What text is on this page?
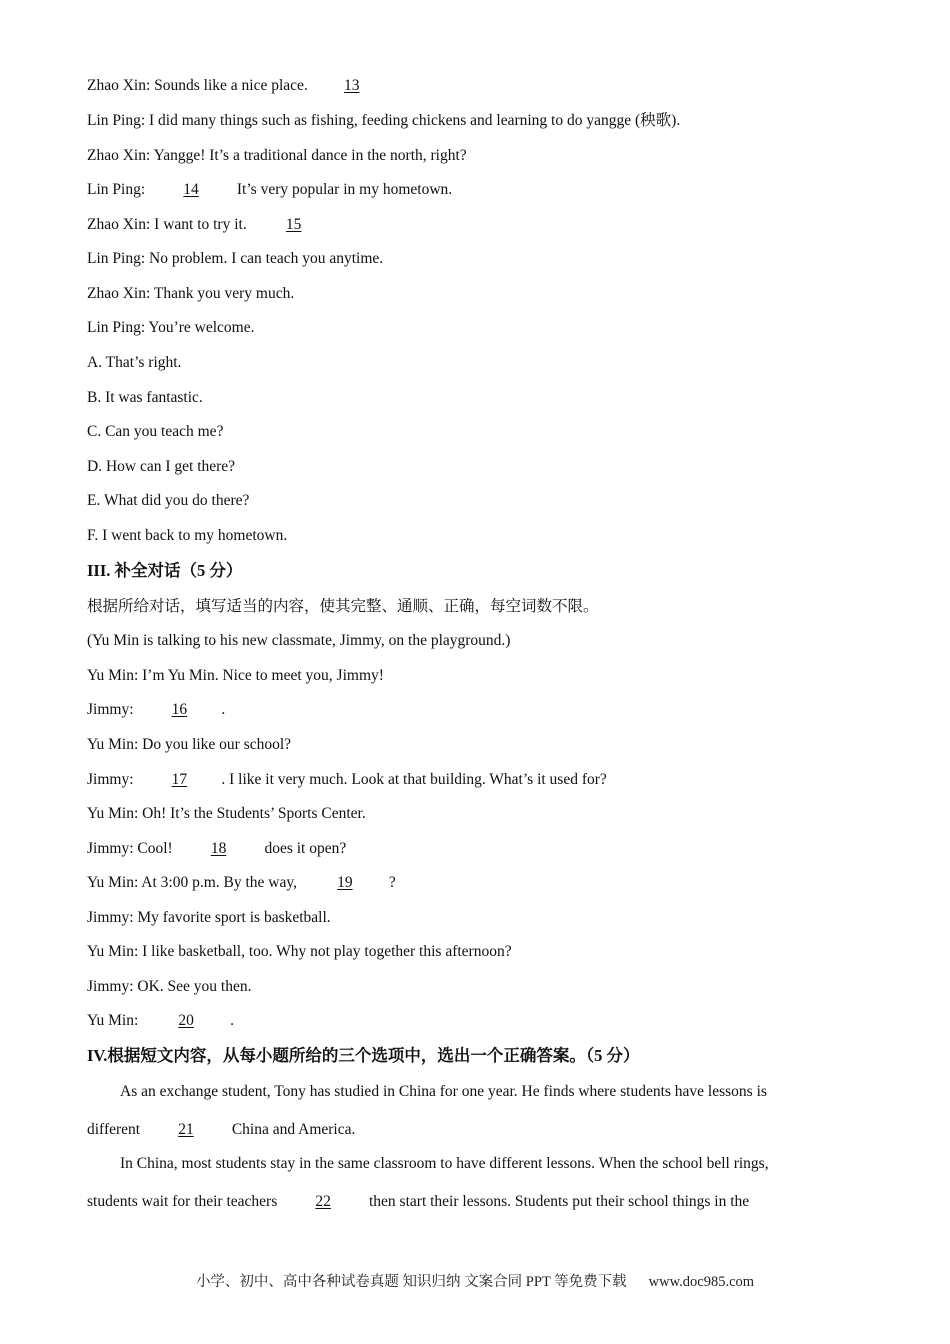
Zhao Xin: Sounds like a nice place. 13
Lin Ping: I did many things such as fishing, feeding chickens and learning to do yangge (秧歌).
Zhao Xin: Yangge! It’s a traditional dance in the north, right?
Lin Ping: 14 It’s very popular in my hometown.
Zhao Xin: I want to try it. 15
Lin Ping: No problem. I can teach you anytime.
Zhao Xin: Thank you very much.
Lin Ping: You’re welcome.
A. That’s right.
B. It was fantastic.
C. Can you teach me?
D. How can I get there?
E. What did you do there?
F. I went back to my hometown.
III. 补全对话（5 分）
根据所给对话，填写适当的内容，使其完整、通顺、正确，每空词数不限。
(Yu Min is talking to his new classmate, Jimmy, on the playground.)
Yu Min: I’m Yu Min. Nice to meet you, Jimmy!
Jimmy: 16 .
Yu Min: Do you like our school?
Jimmy: 17 . I like it very much. Look at that building. What’s it used for?
Yu Min: Oh! It’s the Students’ Sports Center.
Jimmy: Cool! 18 does it open?
Yu Min: At 3:00 p.m. By the way, 19 ?
Jimmy: My favorite sport is basketball.
Yu Min: I like basketball, too. Why not play together this afternoon?
Jimmy: OK. See you then.
Yu Min: 20 .
IV.根据短文内容，从每小题所给的三个选项中，选出一个正确答案。（5 分）
As an exchange student, Tony has studied in China for one year. He finds where students have lessons is
different 21 China and America.
In China, most students stay in the same classroom to have different lessons. When the school bell rings,
students wait for their teachers 22 then start their lessons. Students put their school things in the
小学、初中、高中各种试卷真题 知识归纳 文案合同 PPT 等免费下载 www.doc985.com
